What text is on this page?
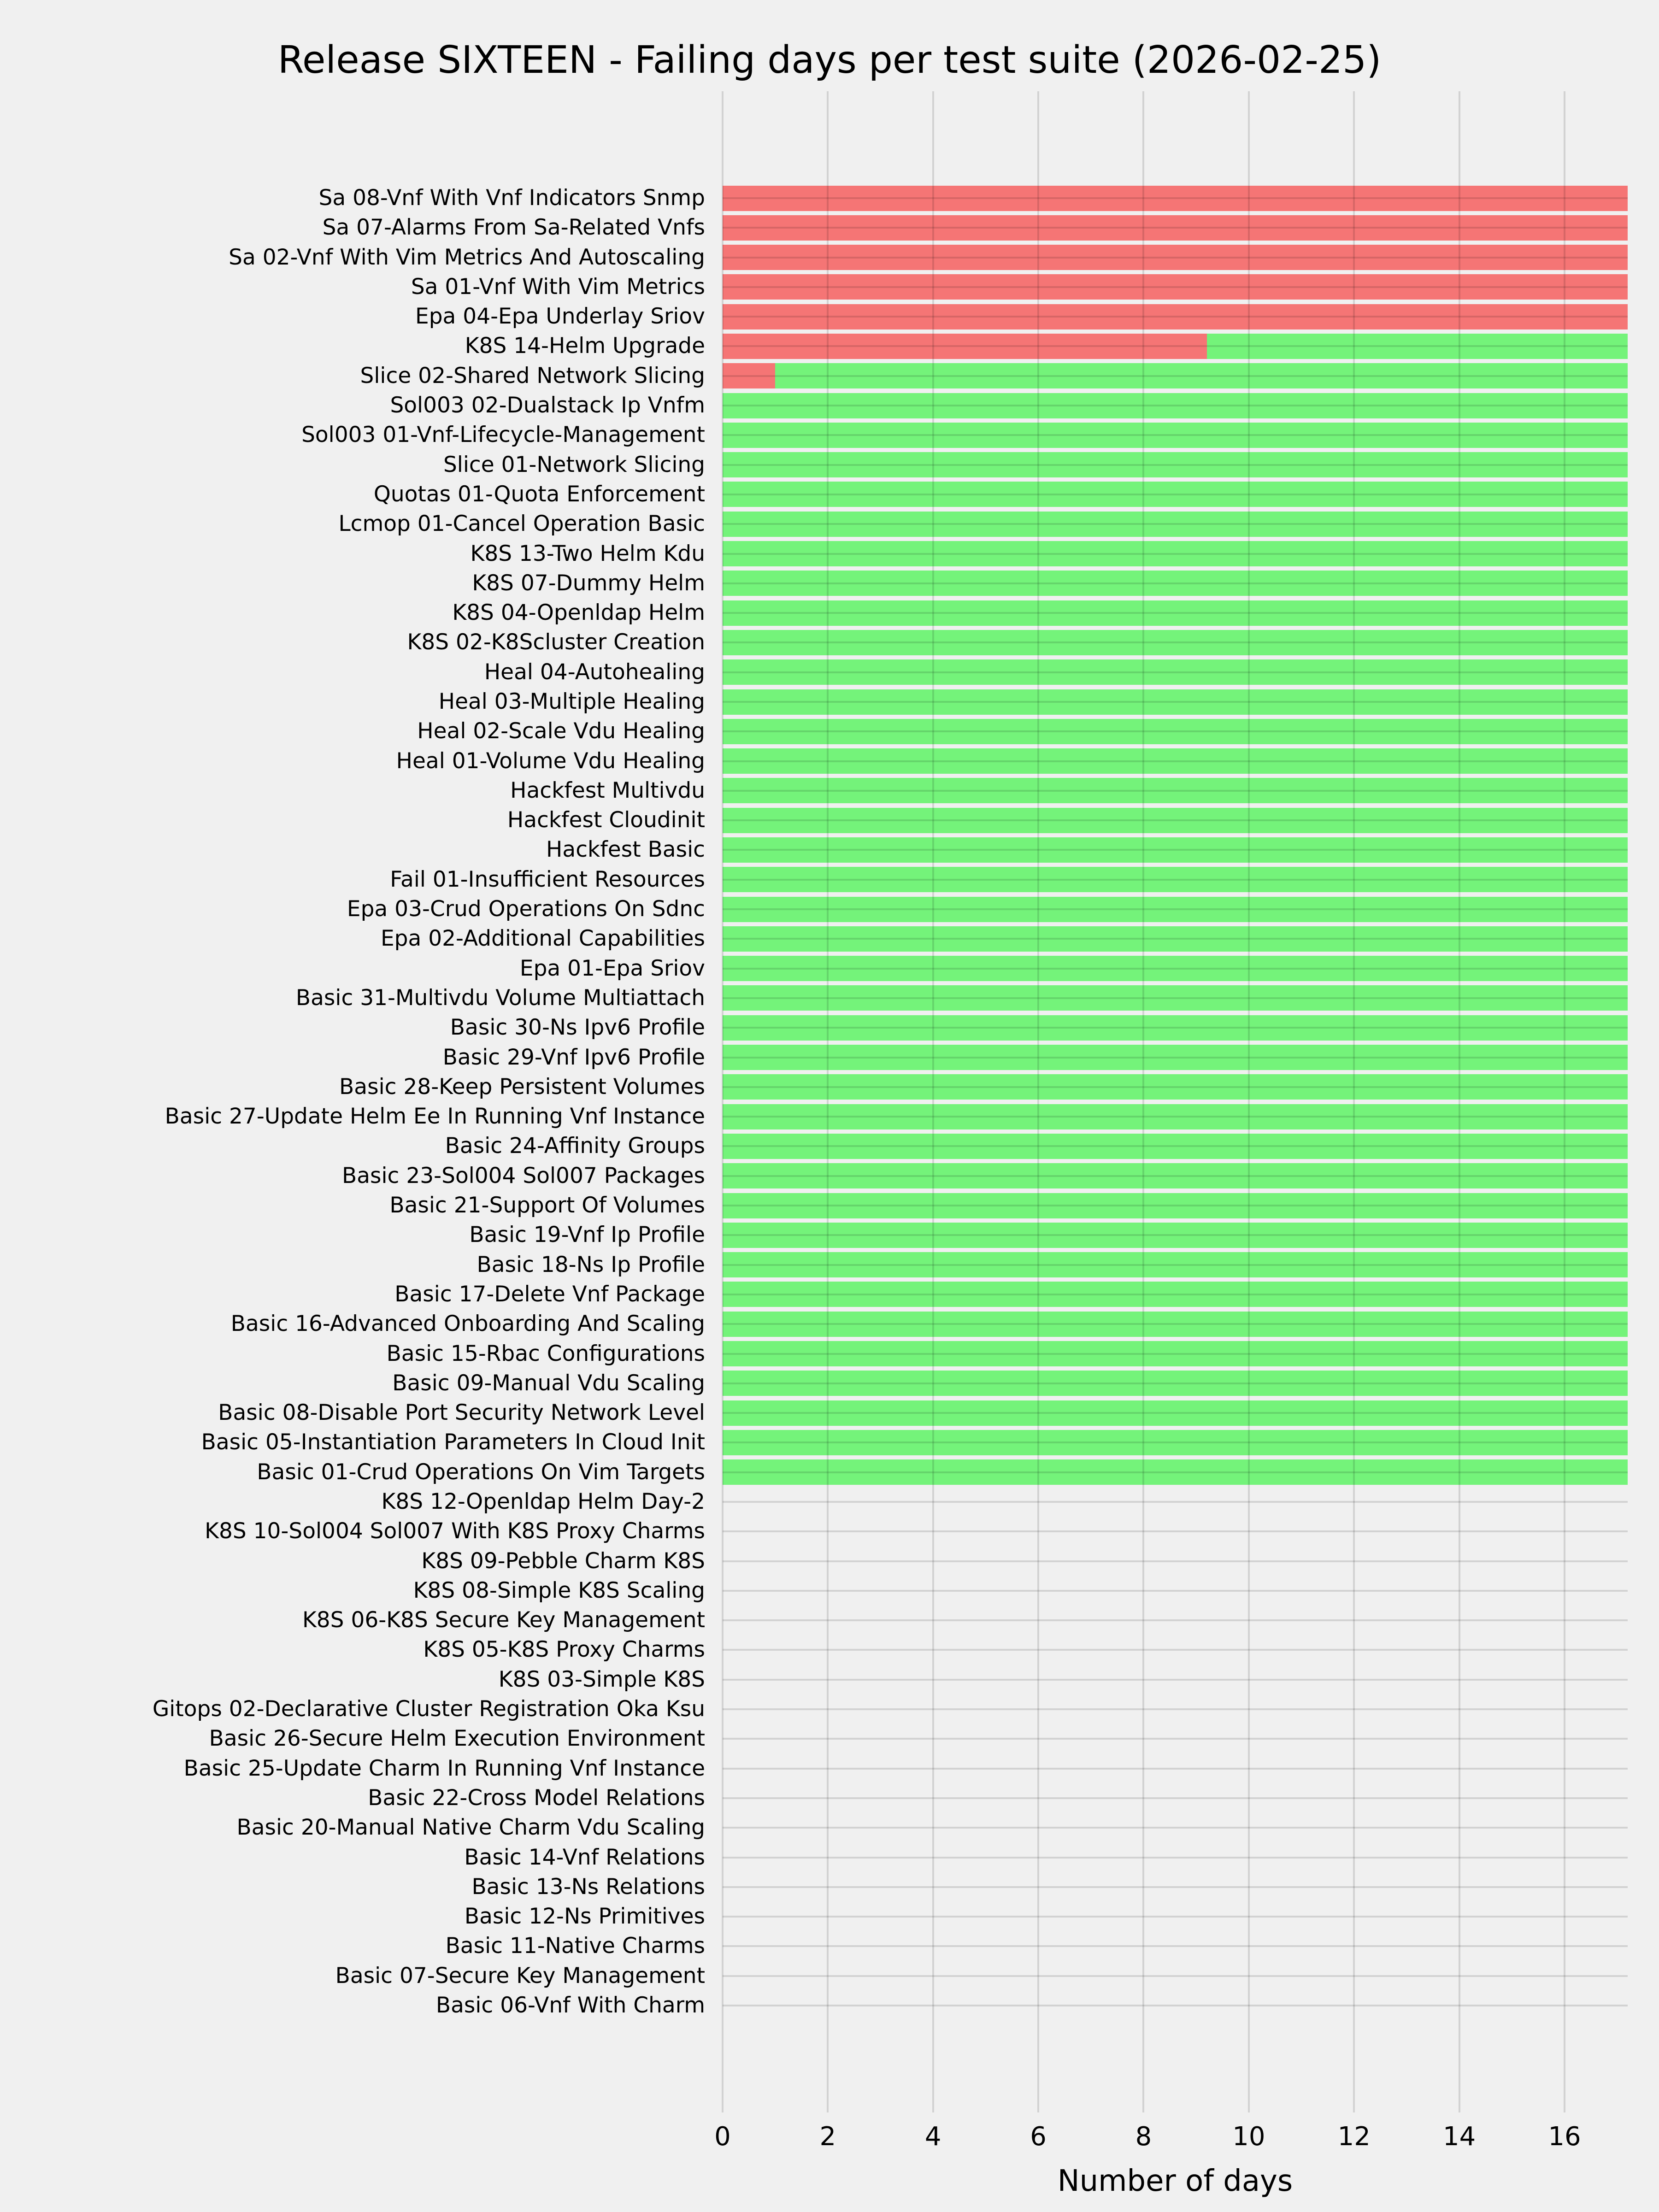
Release SIXTEEN - Failing days per test suite (2026-02-25)
Sa 08-Vnf With Vnf Indicators Snmp
Sa 07-Alarms From Sa-Related Vnfs
Sa 02-Vnf With Vim Metrics And Autoscaling
Sa 01-Vnf With Vim Metrics
Epa 04-Epa Underlay Sriov
K8S 14-Helm Upgrade
Slice 02-Shared Network Slicing
Sol003 02-Dualstack Ip Vnfm
Sol003 01-Vnf-Lifecycle-Management
Slice 01-Network Slicing
Quotas 01-Quota Enforcement
Lcmop 01-Cancel Operation Basic
K8S 13-Two Helm Kdu
K8S 07-Dummy Helm
K8S 04-Openldap Helm
K8S 02-K8Scluster Creation
Heal 04-Autohealing
Heal 03-Multiple Healing
Heal 02-Scale Vdu Healing
Heal 01-Volume Vdu Healing
Hackfest Multivdu
Hackfest Cloudinit
Hackfest Basic
Fail 01-Insufficient Resources
Epa 03-Crud Operations On Sdnc
Epa 02-Additional Capabilities
Epa 01-Epa Sriov
Basic 31-Multivdu Volume Multiattach
Basic 30-Ns Ipv6 Profile
Basic 29-Vnf Ipv6 Profile
Basic 28-Keep Persistent Volumes
Basic 27-Update Helm Ee In Running Vnf Instance
Basic 24-Affinity Groups
Basic 23-Sol004 Sol007 Packages
Basic 21-Support Of Volumes
Basic 19-Vnf Ip Profile
Basic 18-Ns Ip Profile
Basic 17-Delete Vnf Package
Basic 16-Advanced Onboarding And Scaling
Basic 15-Rbac Configurations
Basic 09-Manual Vdu Scaling
Basic 08-Disable Port Security Network Level
Basic 05-Instantiation Parameters In Cloud Init
Basic 01-Crud Operations On Vim Targets
K8S 12-Openldap Helm Day-2
K8S 10-Sol004 Sol007 With K8S Proxy Charms
K8S 09-Pebble Charm K8S
K8S 08-Simple K8S Scaling
K8S 06-K8S Secure Key Management
K8S 05-K8S Proxy Charms
K8S 03-Simple K8S
Gitops 02-Declarative Cluster Registration Oka Ksu
Basic 26-Secure Helm Execution Environment
Basic 25-Update Charm In Running Vnf Instance
Basic 22-Cross Model Relations
Basic 20-Manual Native Charm Vdu Scaling
Basic 14-Vnf Relations
Basic 13-Ns Relations
Basic 12-Ns Primitives
Basic 11-Native Charms
Basic 07-Secure Key Management
Basic 06-Vnf With Charm
0	2	4	6	8	10	12	14	16
Number of days
